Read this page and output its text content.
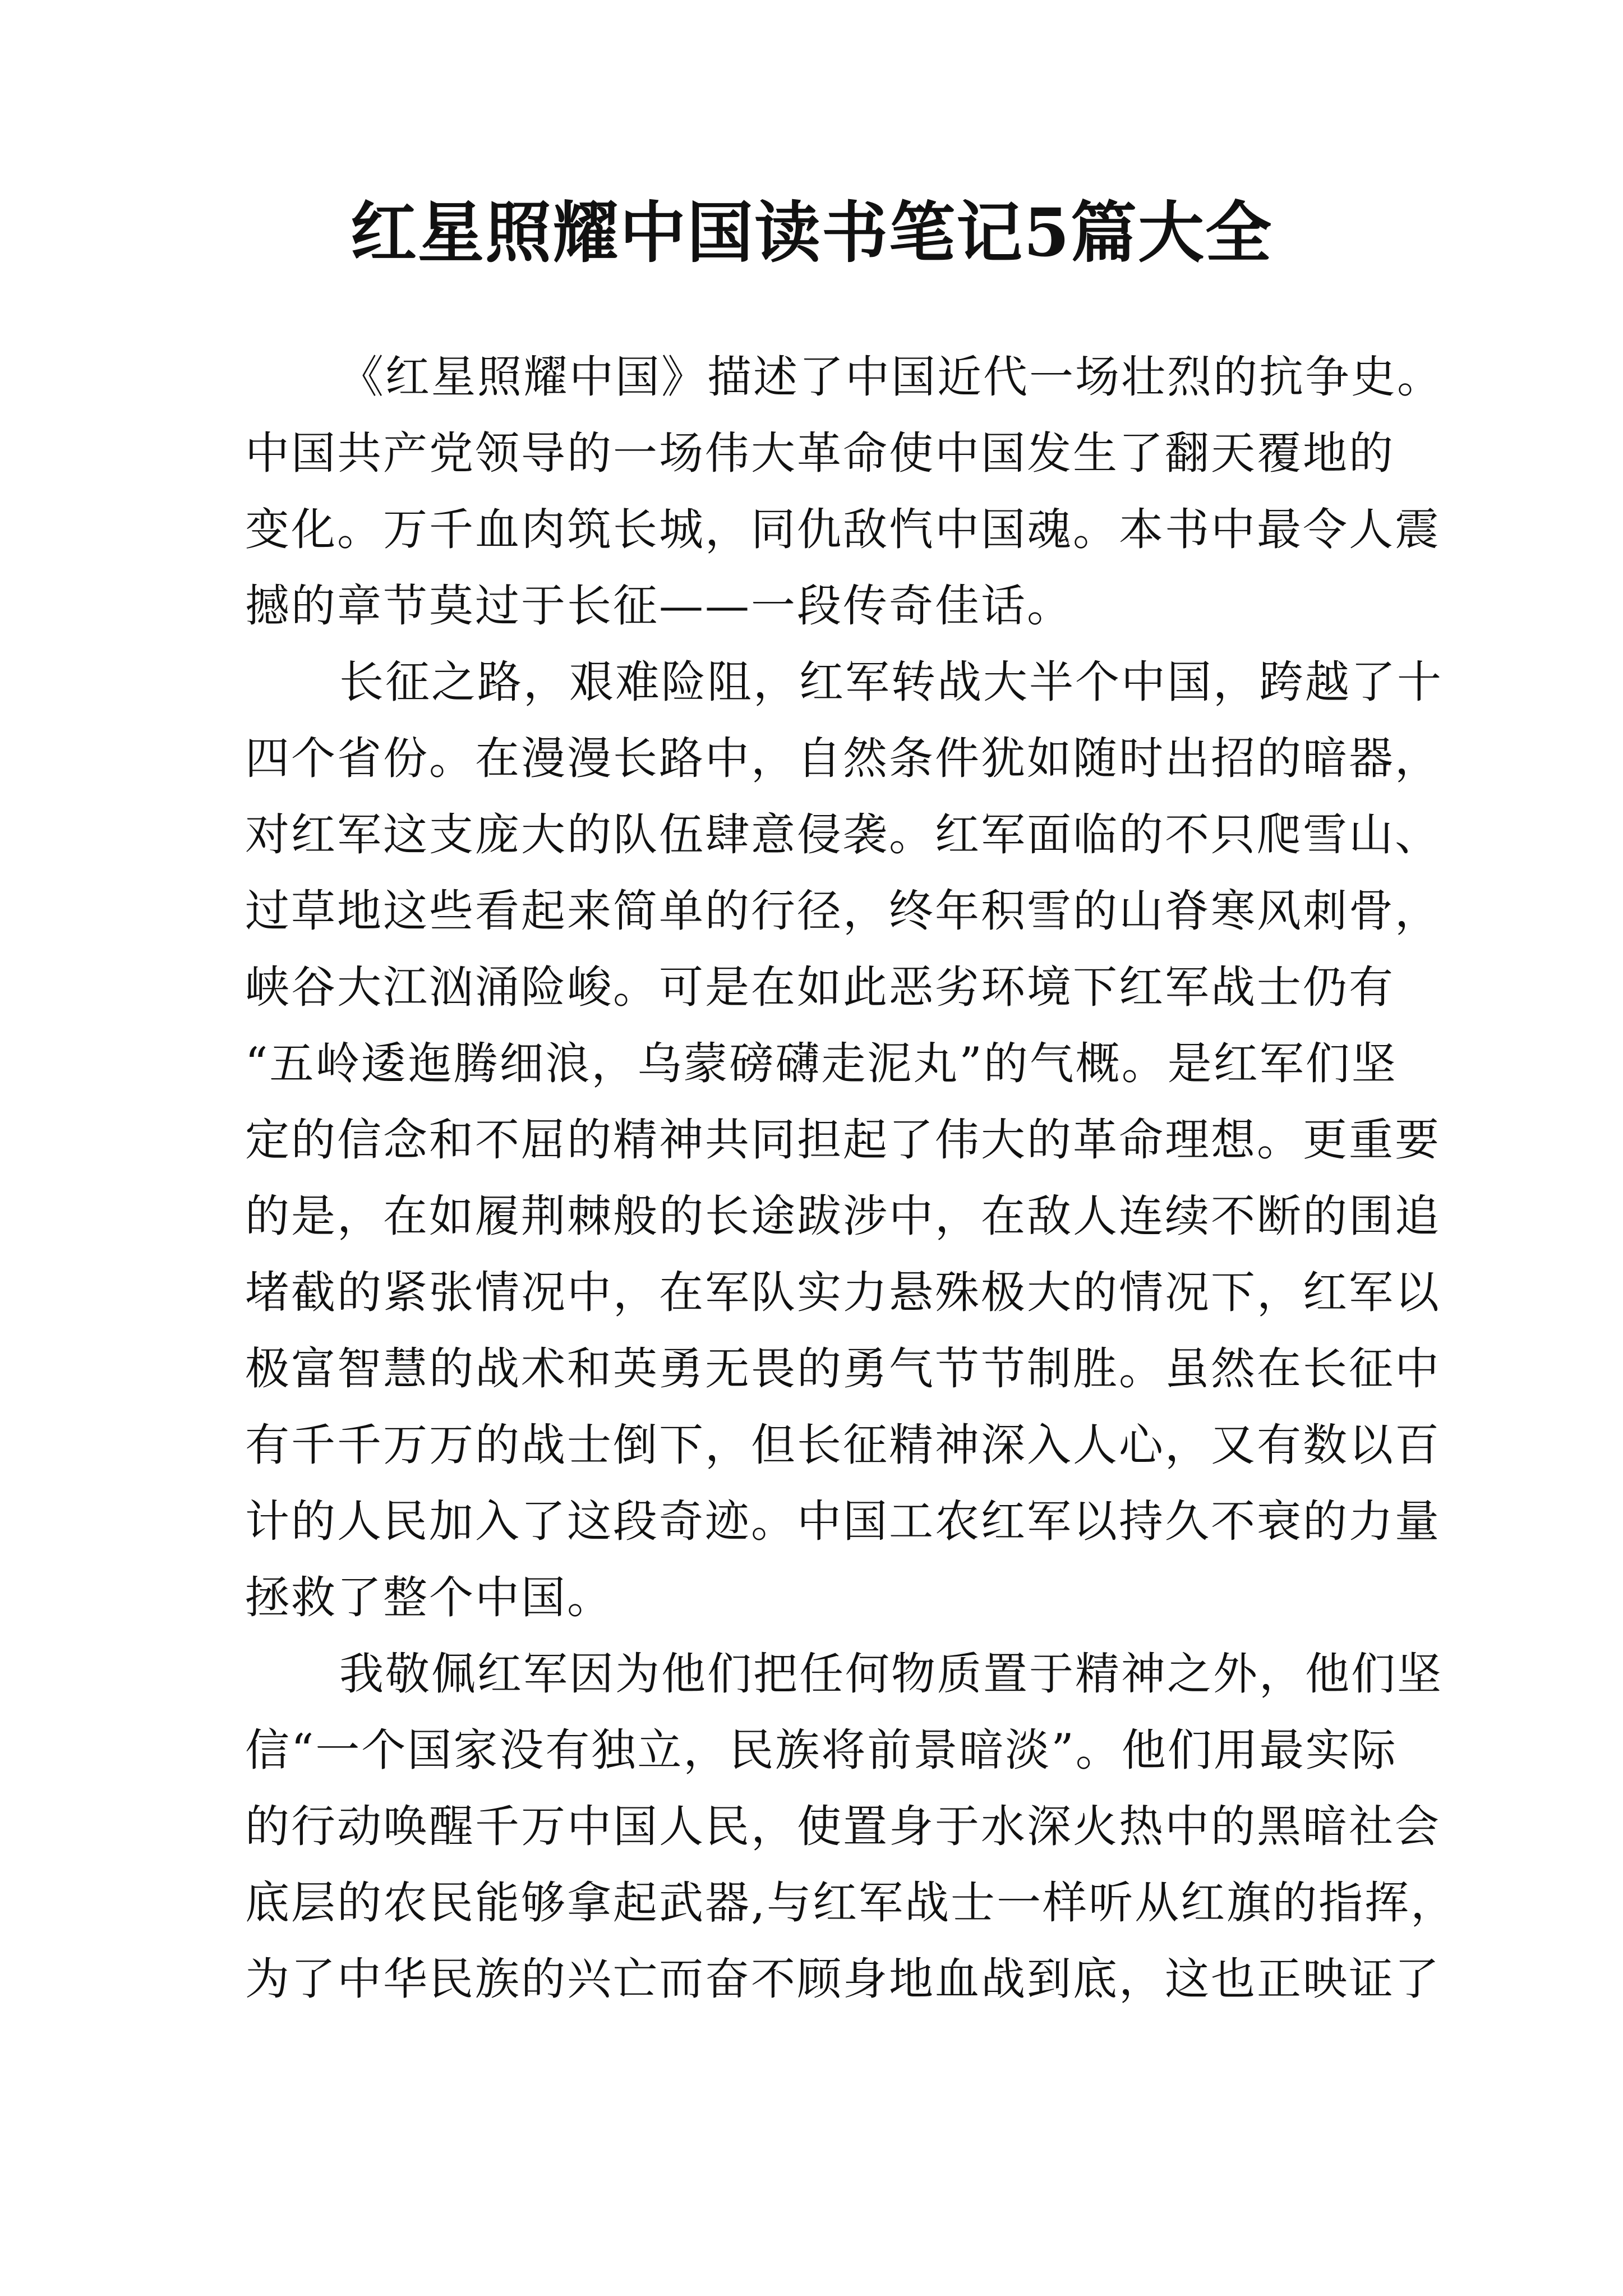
红星照耀中国读书笔记5篇大全
《红星照耀中国》描述了中国近代一场壮烈的抗争史。
中国共产党领导的一场伟大革命使中国发生了翻天覆地的
变化。万千血肉筑长城，同仇敌忾中国魂。本书中最令人震
撼的章节莫过于长征——一段传奇佳话。
长征之路，艰难险阻，红军转战大半个中国，跨越了十
四个省份。在漫漫长路中，自然条件犹如随时出招的暗器，
对红军这支庞大的队伍肆意侵袭。红军面临的不只爬雪山、
过草地这些看起来简单的行径，终年积雪的山脊寒风刺骨，
峡谷大江汹涌险峻。可是在如此恶劣环境下红军战士仍有
“五岭逶迤腾细浪，乌蒙磅礴走泥丸”的气概。是红军们坚
定的信念和不屈的精神共同担起了伟大的革命理想。更重要
的是，在如履荆棘般的长途跋涉中，在敌人连续不断的围追
堵截的紧张情况中，在军队实力悬殊极大的情况下，红军以
极富智慧的战术和英勇无畏的勇气节节制胜。虽然在长征中
有千千万万的战士倒下，但长征精神深入人心，又有数以百
计的人民加入了这段奇迹。中国工农红军以持久不衰的力量
拯救了整个中国。
我敬佩红军因为他们把任何物质置于精神之外，他们坚
信“一个国家没有独立，民族将前景暗淡”。他们用最实际
的行动唤醒千万中国人民，使置身于水深火热中的黑暗社会
底层的农民能够拿起武器,与红军战士一样听从红旗的指挥，
为了中华民族的兴亡而奋不顾身地血战到底，这也正映证了
